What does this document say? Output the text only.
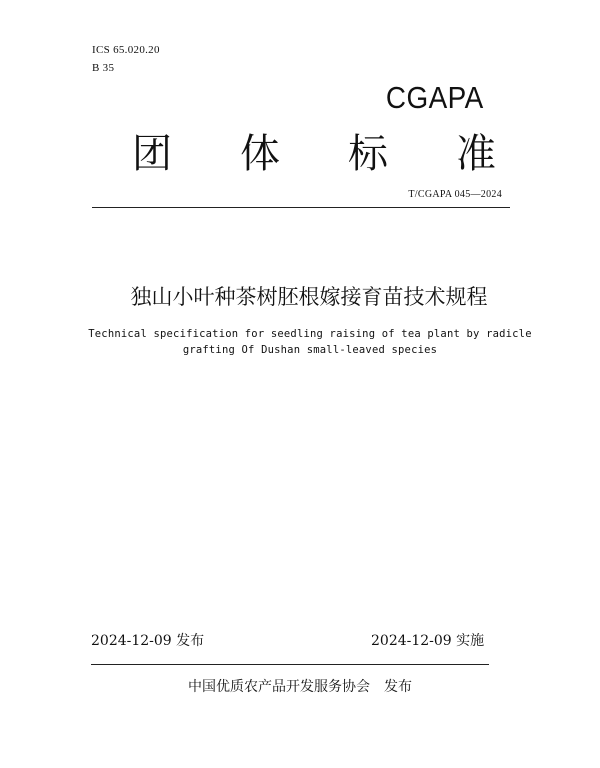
ICS 65.020.20
B 35
CGAPA
团 体 标 准
T/CGAPA 045—2024
独山小叶种茶树胚根嫁接育苗技术规程
Technical specification for seedling raising of tea plant by radicle
grafting Of Dushan small-leaved species
2024-12-09 发布	2024-12-09 实施
中国优质农产品开发服务协会 发布
